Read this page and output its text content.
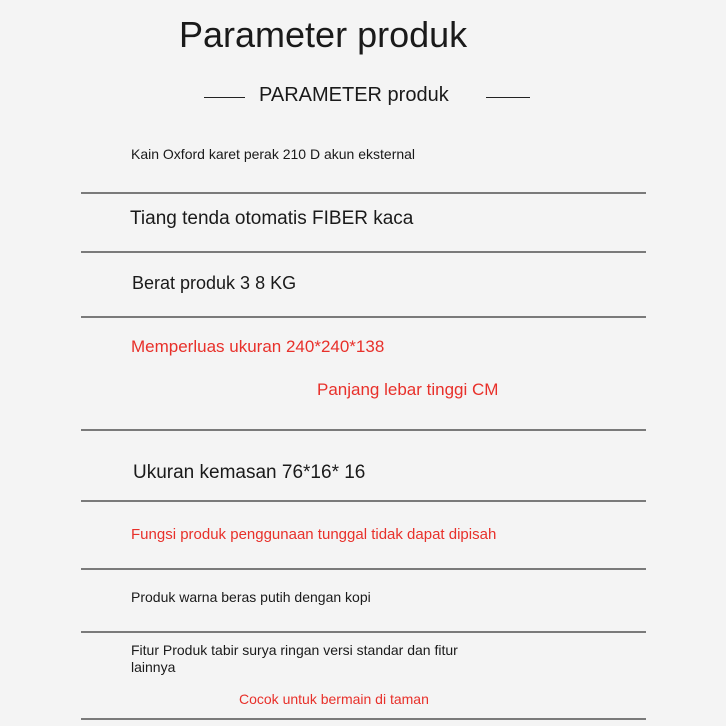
Parameter produk
PARAMETER produk
Kain Oxford karet perak 210 D akun eksternal
Tiang tenda otomatis FIBER kaca
Berat produk 3 8 KG
Memperluas ukuran 240*240*138
Panjang lebar tinggi CM
Ukuran kemasan 76*16* 16
Fungsi produk penggunaan tunggal tidak dapat dipisah
Produk warna beras putih dengan kopi
Fitur Produk tabir surya ringan versi standar dan fitur
lainnya
Cocok untuk bermain di taman
